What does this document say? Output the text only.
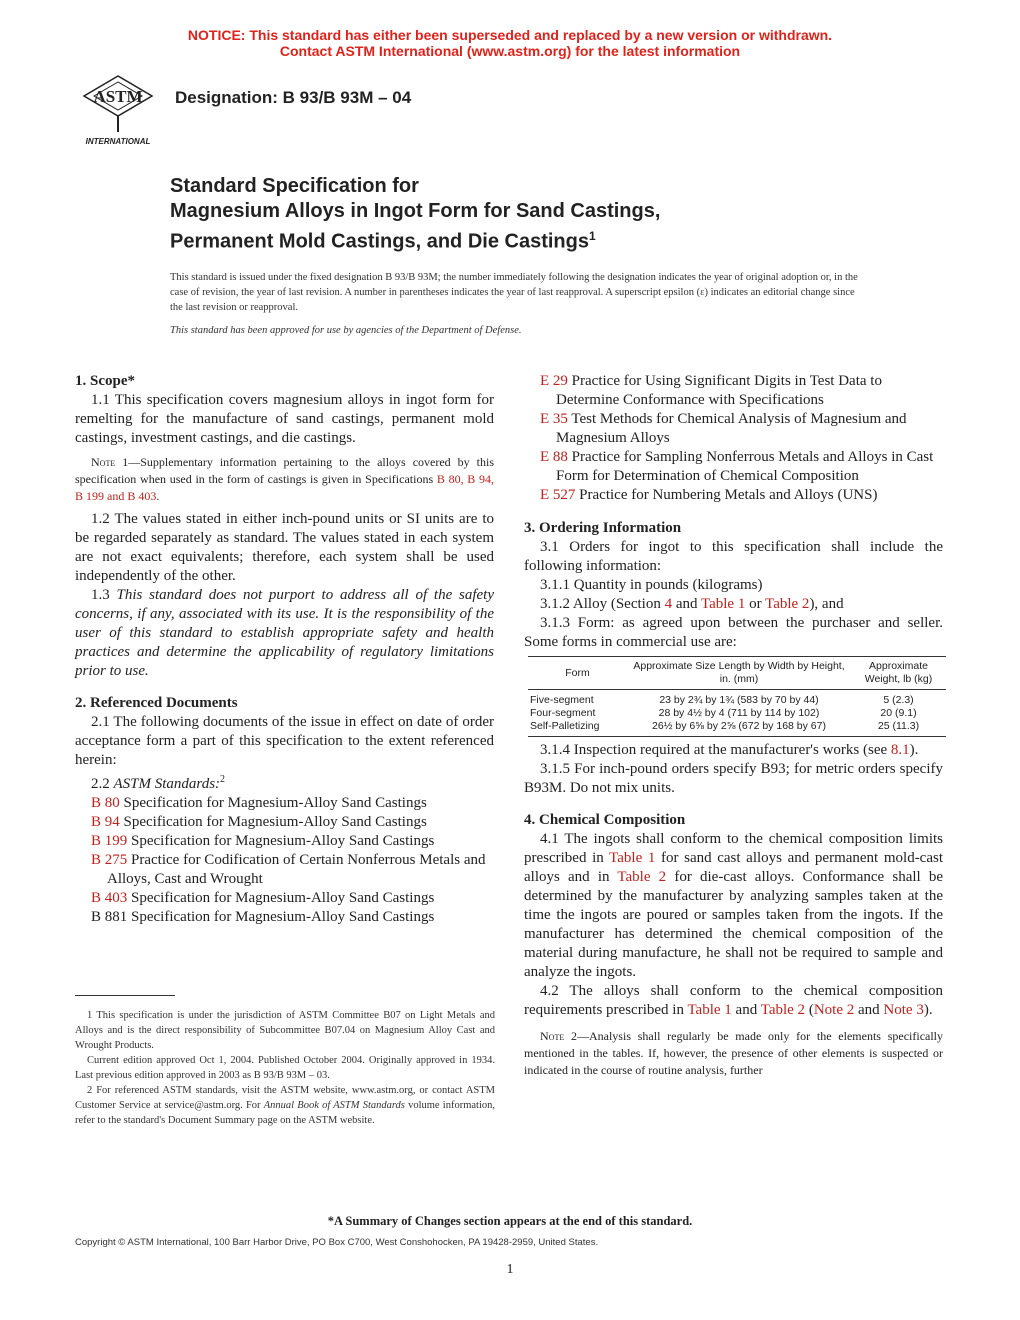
NOTICE: This standard has either been superseded and replaced by a new version or withdrawn.
Contact ASTM International (www.astm.org) for the latest information
ASTM
INTERNATIONAL
Designation: B 93/B 93M – 04
Standard Specification for
Magnesium Alloys in Ingot Form for Sand Castings,
Permanent Mold Castings, and Die Castings$^1$
This standard is issued under the fixed designation B 93/B 93M; the number immediately following the designation indicates the year of original adoption or, in the case of revision, the year of last revision. A number in parentheses indicates the year of last reapproval. A superscript epsilon (ε) indicates an editorial change since the last revision or reapproval.
This standard has been approved for use by agencies of the Department of Defense.

1. Scope*

1.1 This specification covers magnesium alloys in ingot form for remelting for the manufacture of sand castings, permanent mold castings, investment castings, and die castings.

Note 1—Supplementary information pertaining to the alloys covered by this specification when used in the form of castings is given in Specifications B 80, B 94, B 199 and B 403.

1.2 The values stated in either inch-pound units or SI units are to be regarded separately as standard. The values stated in each system are not exact equivalents; therefore, each system shall be used independently of the other.

1.3 This standard does not purport to address all of the safety concerns, if any, associated with its use. It is the responsibility of the user of this standard to establish appropriate safety and health practices and determine the applicability of regulatory limitations prior to use.

2. Referenced Documents

2.1 The following documents of the issue in effect on date of order acceptance form a part of this specification to the extent referenced herein:

2.2 ASTM Standards:$^2$

B 80 Specification for Magnesium-Alloy Sand Castings

B 94 Specification for Magnesium-Alloy Sand Castings

B 199 Specification for Magnesium-Alloy Sand Castings

B 275 Practice for Codification of Certain Nonferrous Metals and Alloys, Cast and Wrought

B 403 Specification for Magnesium-Alloy Sand Castings

B 881 Specification for Magnesium-Alloy Sand Castings

1 This specification is under the jurisdiction of ASTM Committee B07 on Light Metals and Alloys and is the direct responsibility of Subcommittee B07.04 on Magnesium Alloy Cast and Wrought Products.

Current edition approved Oct 1, 2004. Published October 2004. Originally approved in 1934. Last previous edition approved in 2003 as B 93/B 93M – 03.

2 For referenced ASTM standards, visit the ASTM website, www.astm.org, or contact ASTM Customer Service at service@astm.org. For Annual Book of ASTM Standards volume information, refer to the standard's Document Summary page on the ASTM website.

E 29 Practice for Using Significant Digits in Test Data to Determine Conformance with Specifications

E 35 Test Methods for Chemical Analysis of Magnesium and Magnesium Alloys

E 88 Practice for Sampling Nonferrous Metals and Alloys in Cast Form for Determination of Chemical Composition

E 527 Practice for Numbering Metals and Alloys (UNS)

3. Ordering Information

3.1 Orders for ingot to this specification shall include the following information:

3.1.1 Quantity in pounds (kilograms)

3.1.2 Alloy (Section 4 and Table 1 or Table 2), and

3.1.3 Form: as agreed upon between the purchaser and seller. Some forms in commercial use are:

Form	Approximate Size Length by Width by Height, in. (mm)	Approximate Weight, lb (kg)
Five-segment	23 by 2¾ by 1¾ (583 by 70 by 44)	5 (2.3)
Four-segment	28 by 4½ by 4 (711 by 114 by 102)	20 (9.1)
Self-Palletizing	26½ by 6⅝ by 2⅝ (672 by 168 by 67)	25 (11.3)

3.1.4 Inspection required at the manufacturer's works (see 8.1).

3.1.5 For inch-pound orders specify B93; for metric orders specify B93M. Do not mix units.

4. Chemical Composition

4.1 The ingots shall conform to the chemical composition limits prescribed in Table 1 for sand cast alloys and permanent mold-cast alloys and in Table 2 for die-cast alloys. Conformance shall be determined by the manufacturer by analyzing samples taken at the time the ingots are poured or samples taken from the ingots. If the manufacturer has determined the chemical composition of the material during manufacture, he shall not be required to sample and analyze the ingots.

4.2 The alloys shall conform to the chemical composition requirements prescribed in Table 1 and Table 2 (Note 2 and Note 3).

Note 2—Analysis shall regularly be made only for the elements specifically mentioned in the tables. If, however, the presence of other elements is suspected or indicated in the course of routine analysis, further

*A Summary of Changes section appears at the end of this standard.
Copyright © ASTM International, 100 Barr Harbor Drive, PO Box C700, West Conshohocken, PA 19428-2959, United States.
1
